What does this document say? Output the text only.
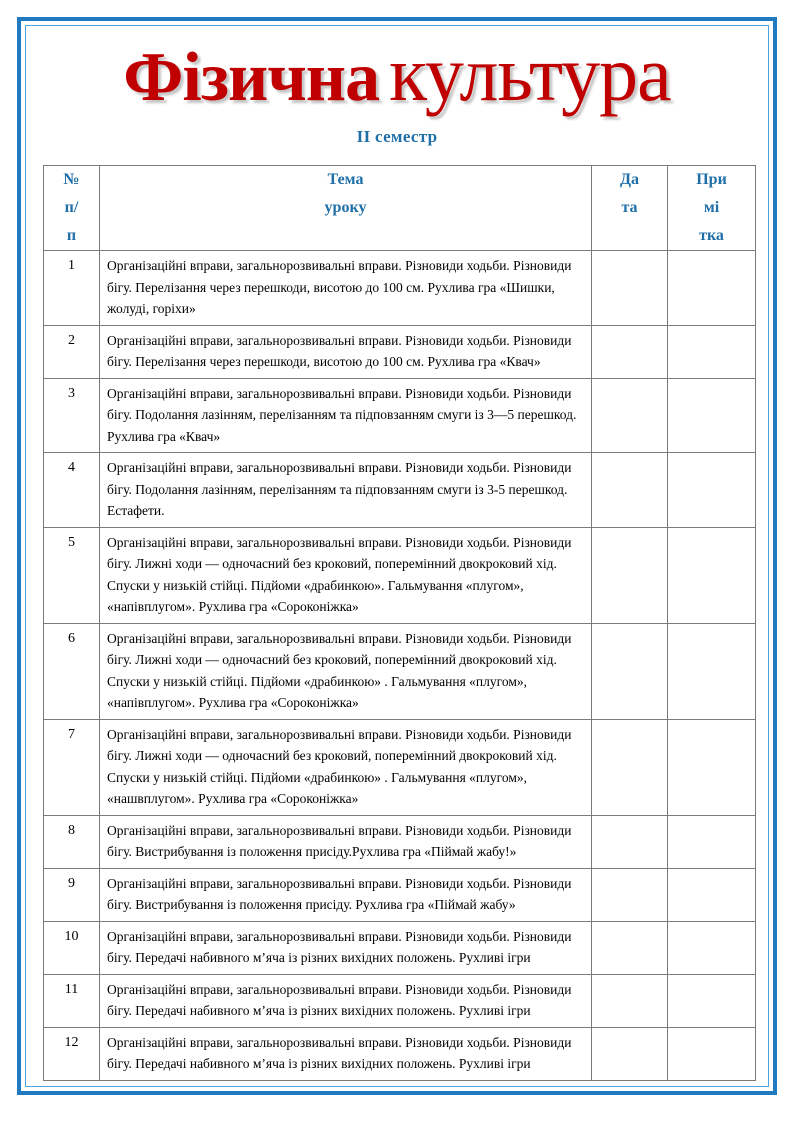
Фізична культура
II семестр
№
п/
п

Тема
уроку

Да
та

При
мі
тка

1	Організаційні вправи, загальнорозвивальні вправи. Різновиди ходьби. Різновиди бігу. Перелізання через перешкоди, висотою до 100 см. Рухлива гра «Шишки, жолуді, горіхи»		
2	Організаційні вправи, загальнорозвивальні вправи. Різновиди ходьби. Різновиди бігу. Перелізання через перешкоди, висотою до 100 см. Рухлива гра «Квач»		
3	Організаційні вправи, загальнорозвивальні вправи. Різновиди ходьби. Різновиди бігу. Подолання лазінням, перелізанням та підповзанням смуги із 3—5 перешкод. Рухлива гра «Квач»		
4	Організаційні вправи, загальнорозвивальні вправи. Різновиди ходьби. Різновиди бігу. Подолання лазінням, перелізанням та підповзанням смуги із 3-5 перешкод. Естафети.		
5	Організаційні вправи, загальнорозвивальні вправи. Різновиди ходьби. Різновиди бігу. Лижні ходи — одночасний без кроковий, поперемінний двокроковий хід. Спуски у низькій стійці. Підйоми «драбинкою». Гальмування «плугом», «напівплугом». Рухлива гра «Сороконіжка»		
6	Організаційні вправи, загальнорозвивальні вправи. Різновиди ходьби. Різновиди бігу. Лижні ходи — одночасний без кроковий, поперемінний двокроковий хід. Спуски у низькій стійці. Підйоми «драбинкою» . Гальмування «плугом», «напівплугом». Рухлива гра «Сороконіжка»		
7	Організаційні вправи, загальнорозвивальні вправи. Різновиди ходьби. Різновиди бігу. Лижні ходи — одночасний без кроковий, поперемінний двокроковий хід. Спуски у низькій стійці. Підйоми «драбинкою» . Гальмування «плугом», «нашвплугом». Рухлива гра «Сороконіжка»		
8	Організаційні вправи, загальнорозвивальні вправи. Різновиди ходьби. Різновиди бігу. Вистрибування із положення присіду.Рухлива гра «Піймай жабу!»		
9	Організаційні вправи, загальнорозвивальні вправи. Різновиди ходьби. Різновиди бігу. Вистрибування із положення присіду. Рухлива гра «Піймай жабу»		
10	Організаційні вправи, загальнорозвивальні вправи. Різновиди ходьби. Різновиди бігу. Передачі набивного м’яча із різних вихідних положень. Рухливі ігри		
11	Організаційні вправи, загальнорозвивальні вправи. Різновиди ходьби. Різновиди бігу. Передачі набивного м’яча із різних вихідних положень. Рухливі ігри		
12	Організаційні вправи, загальнорозвивальні вправи. Різновиди ходьби. Різновиди бігу. Передачі набивного м’яча із різних вихідних положень. Рухливі ігри		
